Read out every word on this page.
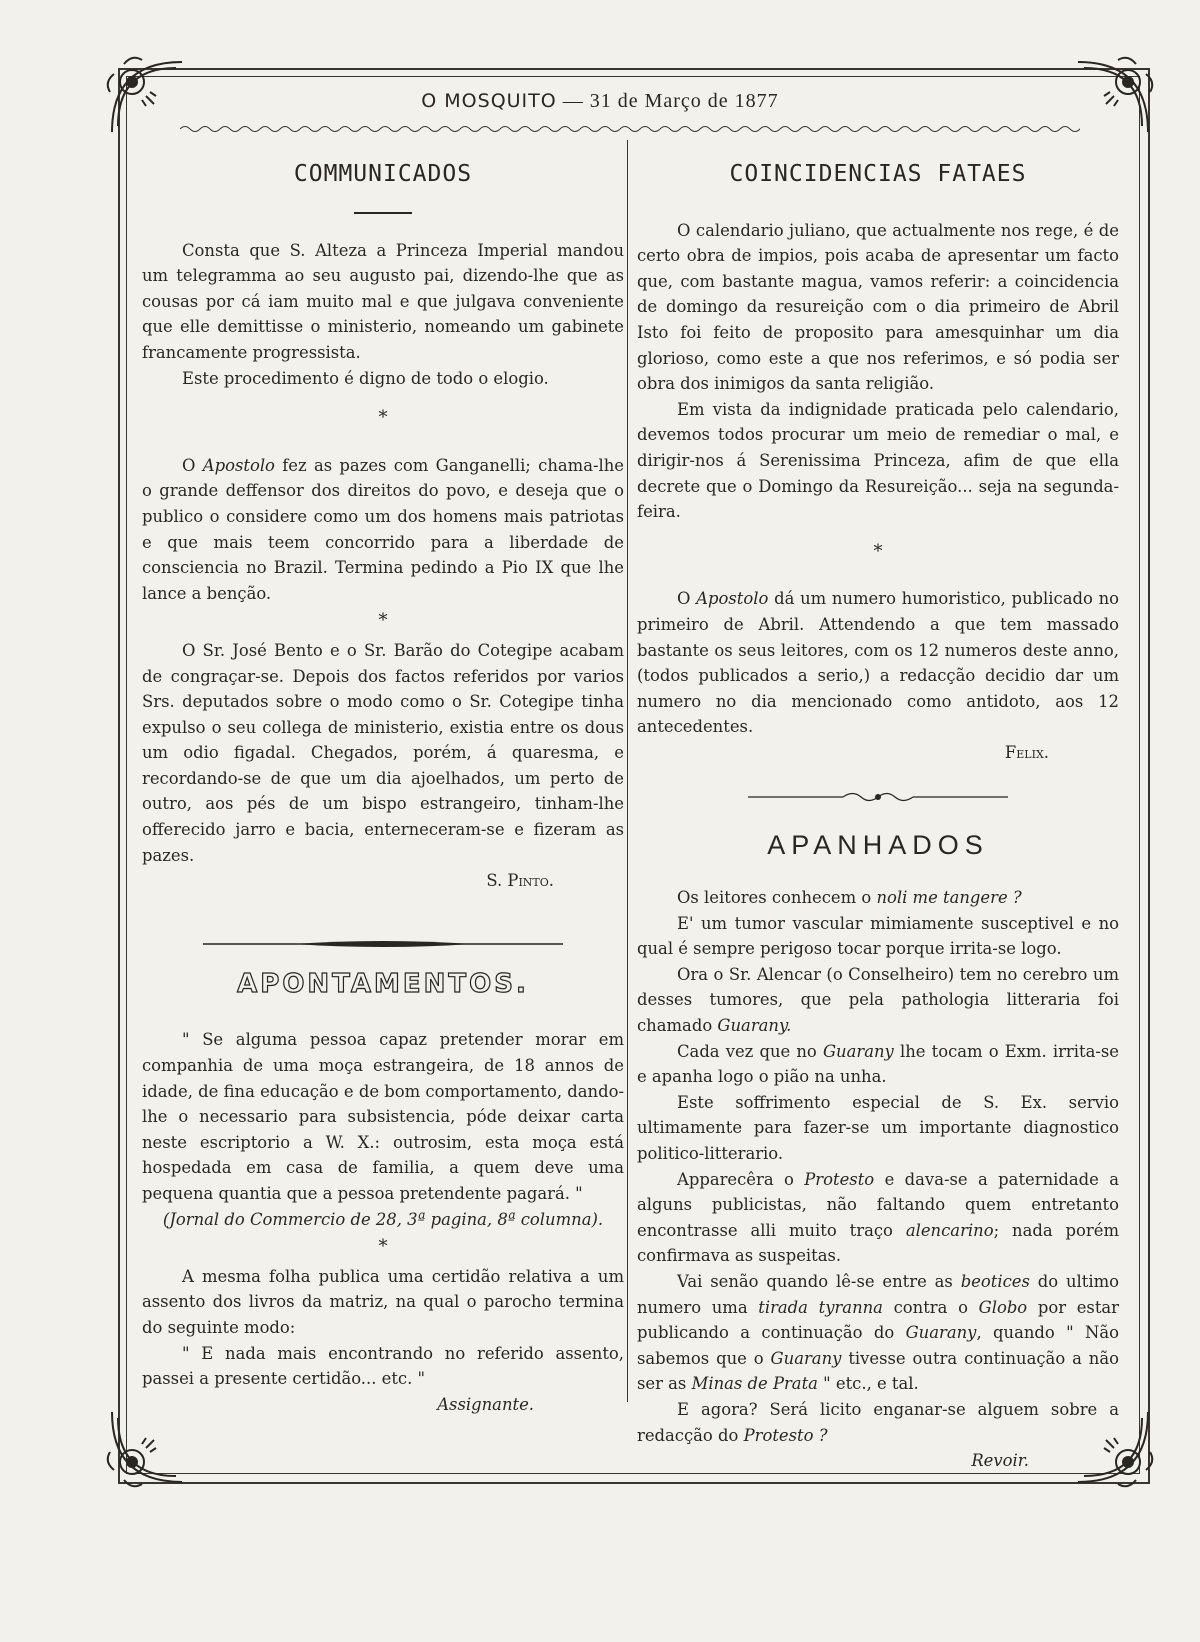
O MOSQUITO — 31 de Março de 1877
COMMUNICADOS

Consta que S. Alteza a Princeza Imperial mandou um telegramma ao seu augusto pai, dizendo-lhe que as cousas por cá iam muito mal e que julgava conveniente que elle demittisse o ministerio, nomeando um gabinete francamente progressista.

Este procedimento é digno de todo o elogio.

*

O Apostolo fez as pazes com Ganganelli; chama-lhe o grande deffensor dos direitos do povo, e deseja que o publico o considere como um dos homens mais patriotas e que mais teem concorrido para a liberdade de consciencia no Brazil. Termina pedindo a Pio IX que lhe lance a benção.

*

O Sr. José Bento e o Sr. Barão do Cotegipe acabam de congraçar-se. Depois dos factos referidos por varios Srs. deputados sobre o modo como o Sr. Cotegipe tinha expulso o seu collega de ministerio, existia entre os dous um odio figadal. Chegados, porém, á quaresma, e recordando-se de que um dia ajoelhados, um perto de outro, aos pés de um bispo estrangeiro, tinham-lhe offerecido jarro e bacia, enterneceram-se e fizeram as pazes.

S. Pinto.
APONTAMENTOS.

" Se alguma pessoa capaz pretender morar em companhia de uma moça estrangeira, de 18 annos de idade, de fina educação e de bom comportamento, dando-lhe o necessario para subsistencia, póde deixar carta neste escriptorio a W. X.: outrosim, esta moça está hospedada em casa de familia, a quem deve uma pequena quantia que a pessoa pretendente pagará. "

(Jornal do Commercio de 28, 3ª pagina, 8ª columna).
*

A mesma folha publica uma certidão relativa a um assento dos livros da matriz, na qual o parocho termina do seguinte modo:

" E nada mais encontrando no referido assento, passei a presente certidão... etc. "

Assignante.
COINCIDENCIAS FATAES

O calendario juliano, que actualmente nos rege, é de certo obra de impios, pois acaba de apresentar um facto que, com bastante magua, vamos referir: a coincidencia de domingo da resureição com o dia primeiro de Abril Isto foi feito de proposito para amesquinhar um dia glorioso, como este a que nos referimos, e só podia ser obra dos inimigos da santa religião.

Em vista da indignidade praticada pelo calendario, devemos todos procurar um meio de remediar o mal, e dirigir-nos á Serenissima Princeza, afim de que ella decrete que o Domingo da Resureição... seja na segunda-feira.

*

O Apostolo dá um numero humoristico, publicado no primeiro de Abril. Attendendo a que tem massado bastante os seus leitores, com os 12 numeros deste anno, (todos publicados a serio,) a redacção decidio dar um numero no dia mencionado como antidoto, aos 12 antecedentes.

Felix.
APANHADOS

Os leitores conhecem o noli me tangere ?

E' um tumor vascular mimiamente susceptivel e no qual é sempre perigoso tocar porque irrita-se logo.

Ora o Sr. Alencar (o Conselheiro) tem no cerebro um desses tumores, que pela pathologia litteraria foi chamado Guarany.

Cada vez que no Guarany lhe tocam o Exm. irrita-se e apanha logo o pião na unha.

Este soffrimento especial de S. Ex. servio ultimamente para fazer-se um importante diagnostico politico-litterario.

Apparecêra o Protesto e dava-se a paternidade a alguns publicistas, não faltando quem entretanto encontrasse alli muito traço alencarino; nada porém confirmava as suspeitas.

Vai senão quando lê-se entre as beotices do ultimo numero uma tirada tyranna contra o Globo por estar publicando a continuação do Guarany, quando " Não sabemos que o Guarany tivesse outra continuação a não ser as Minas de Prata " etc., e tal.

E agora? Será licito enganar-se alguem sobre a redacção do Protesto ?

Revoir.
